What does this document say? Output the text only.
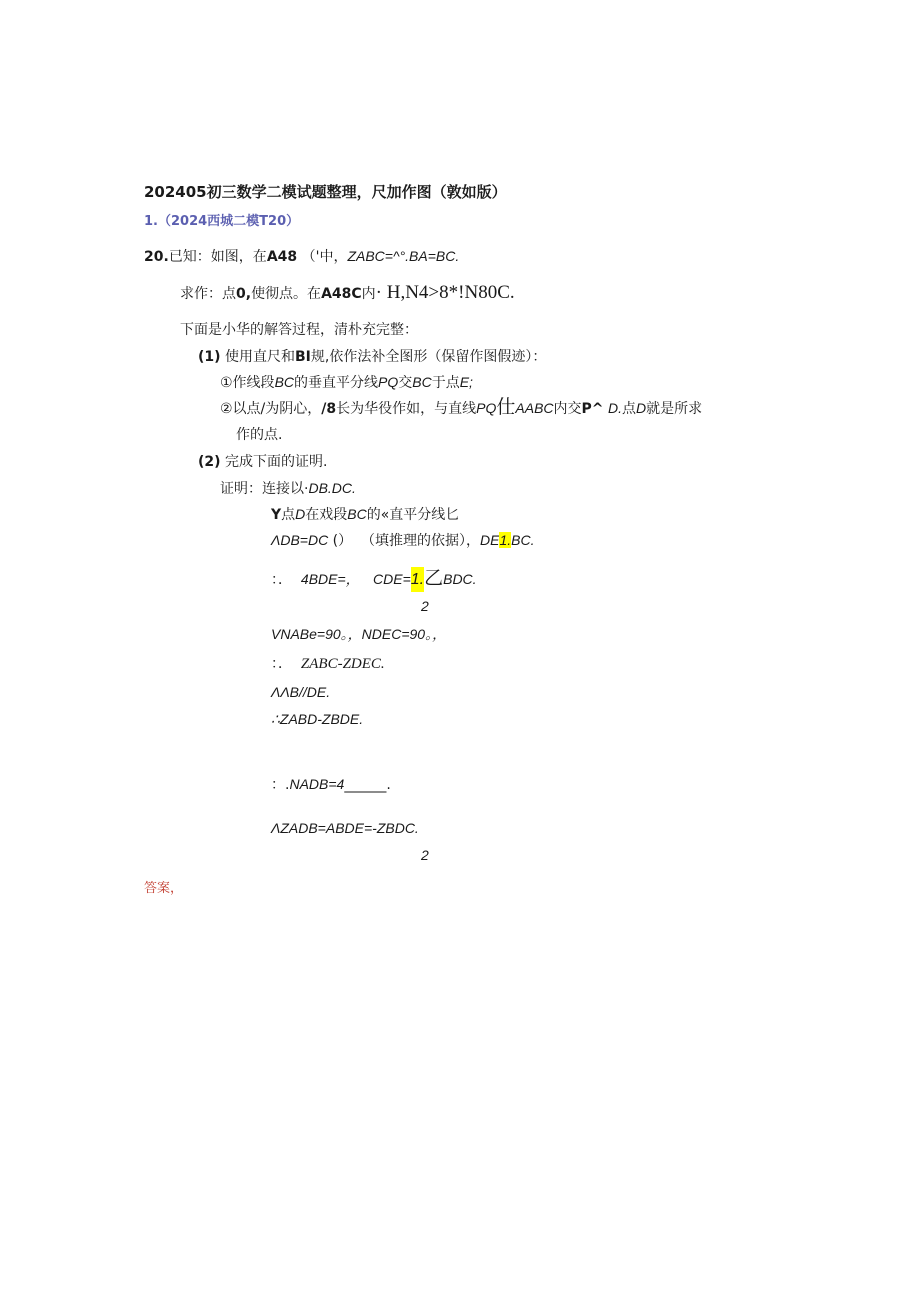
202405初三数学二模试题整理，尺加作图（敦如版）
1.（2024西城二模T20）
20.已知：如图，在A48 （'中，ZABC=^°.BA=BC.
求作：点0,使彻点。在A48C内· H,N4>8*!N80C.
下面是小华的解答过程，清朴充完整：
(1) 使用直尺和BI规,依作法补全图形（保留作图假迹）：
①作线段BC的垂直平分线PQ交BC于点E;
②以点/为阴心，/8长为华役作如，与直线PQ仕AABC内交P^ D.点D就是所求
作的点.
(2) 完成下面的证明.
证明：连接以·DB.DC.
Y点D在戏段BC的«直平分线匕
ΛDB=DC (） （填推理的依据），DE1.BC.
：． 4BDE=， CDE=1.乙BDC.
2
VNABe=90。，NDEC=90。，
：． ZABC-ZDEC.
ΛΛB//DE.
∴ZABD-ZBDE.
：.NADB=4______.
ΛZADB=ABDE=-ZBDC.
2
答案，
